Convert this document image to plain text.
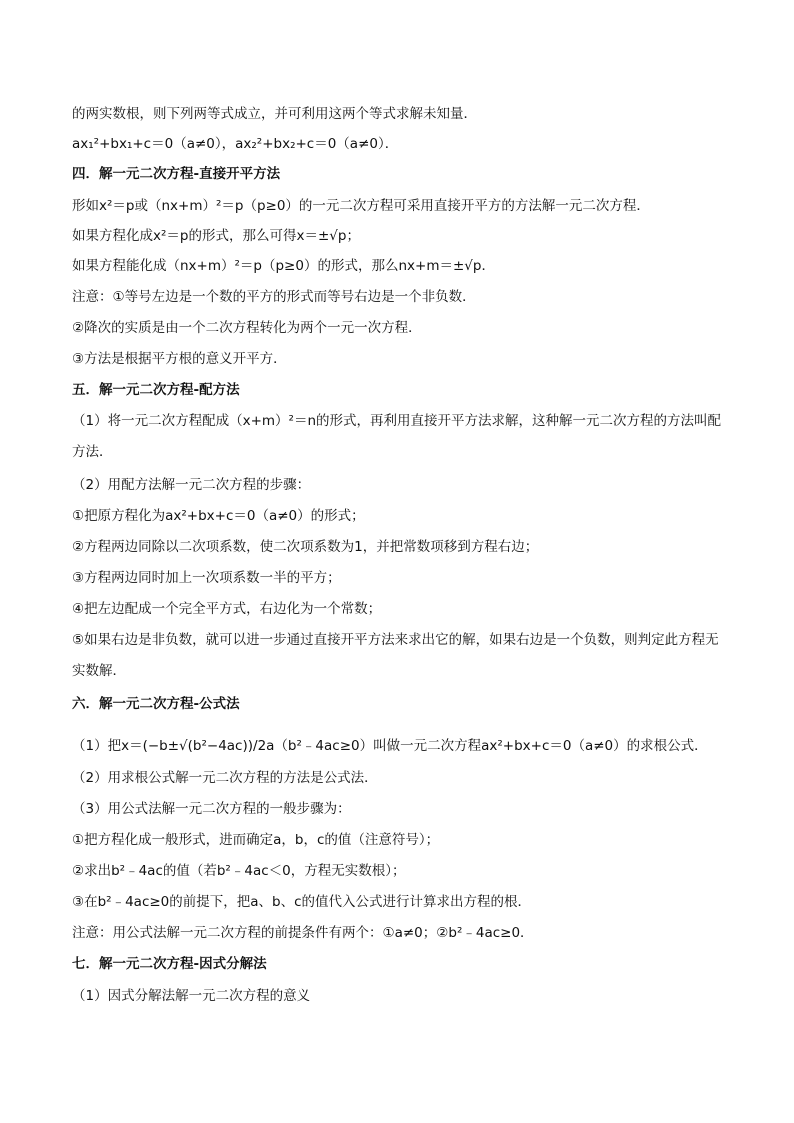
的两实数根，则下列两等式成立，并可利用这两个等式求解未知量．
ax₁²+bx₁+c＝0（a≠0），ax₂²+bx₂+c＝0（a≠0）．
四．解一元二次方程-直接开平方法
形如x²＝p或（nx+m）²＝p（p≥0）的一元二次方程可采用直接开平方的方法解一元二次方程．
如果方程化成x²＝p的形式，那么可得x＝±√p；
如果方程能化成（nx+m）²＝p（p≥0）的形式，那么nx+m＝±√p．
注意：①等号左边是一个数的平方的形式而等号右边是一个非负数．
②降次的实质是由一个二次方程转化为两个一元一次方程．
③方法是根据平方根的意义开平方．
五．解一元二次方程-配方法
（1）将一元二次方程配成（x+m）²＝n的形式，再利用直接开平方法求解，这种解一元二次方程的方法叫配方法．
（2）用配方法解一元二次方程的步骤：
①把原方程化为ax²+bx+c＝0（a≠0）的形式；
②方程两边同除以二次项系数，使二次项系数为1，并把常数项移到方程右边；
③方程两边同时加上一次项系数一半的平方；
④把左边配成一个完全平方式，右边化为一个常数；
⑤如果右边是非负数，就可以进一步通过直接开平方法来求出它的解，如果右边是一个负数，则判定此方程无实数解．
六．解一元二次方程-公式法
（1）把x＝(−b±√(b²−4ac))/2a（b²﹣4ac≥0）叫做一元二次方程ax²+bx+c＝0（a≠0）的求根公式．
（2）用求根公式解一元二次方程的方法是公式法．
（3）用公式法解一元二次方程的一般步骤为：
①把方程化成一般形式，进而确定a，b，c的值（注意符号）；
②求出b²﹣4ac的值（若b²﹣4ac＜0，方程无实数根）；
③在b²﹣4ac≥0的前提下，把a、b、c的值代入公式进行计算求出方程的根．
注意：用公式法解一元二次方程的前提条件有两个：①a≠0；②b²﹣4ac≥0．
七．解一元二次方程-因式分解法
（1）因式分解法解一元二次方程的意义
